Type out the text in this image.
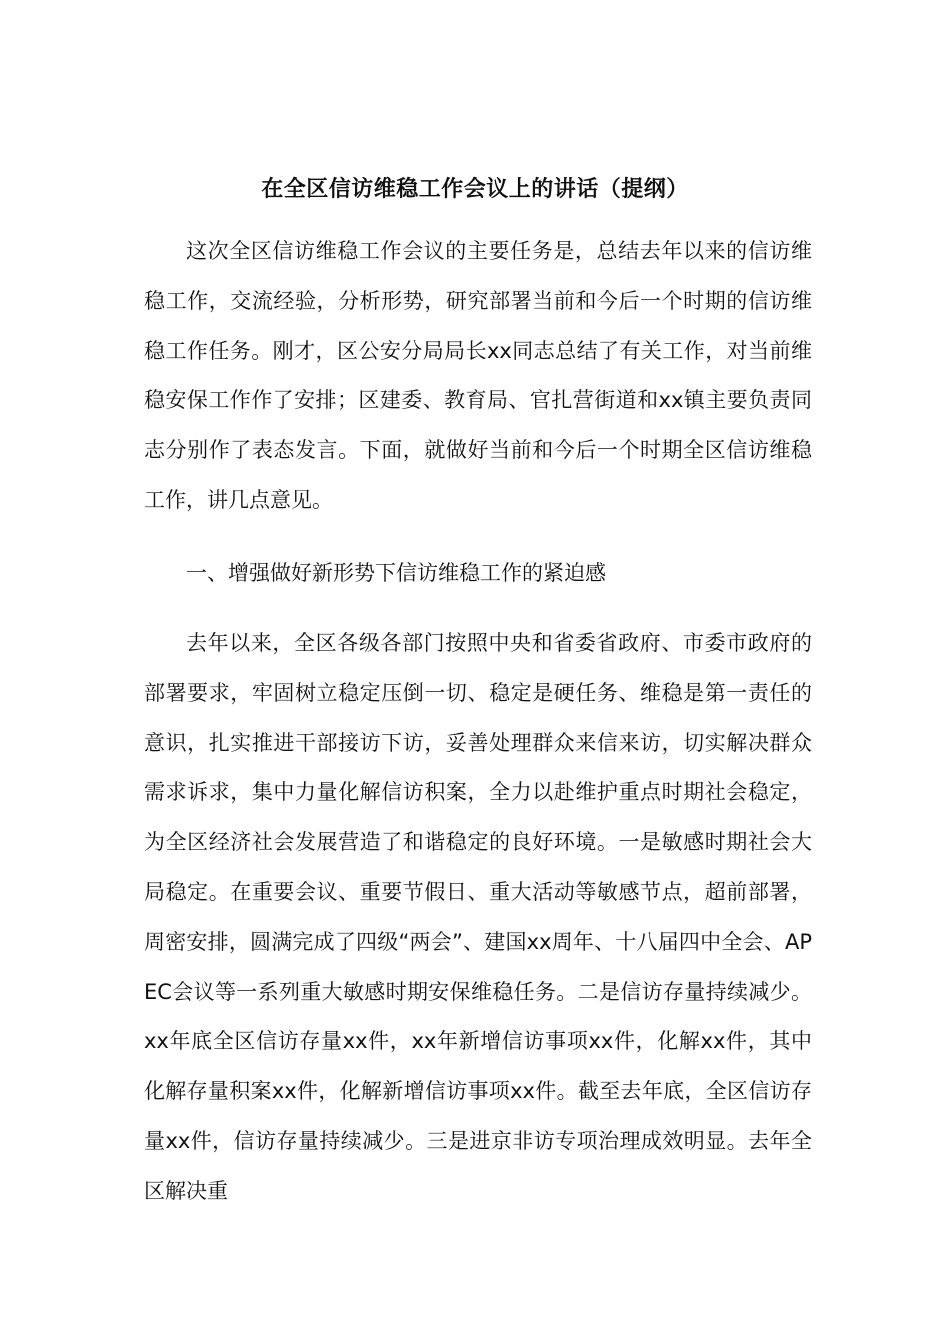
在全区信访维稳工作会议上的讲话（提纲）

这次全区信访维稳工作会议的主要任务是，总结去年以来的信访维稳工作，交流经验，分析形势，研究部署当前和今后一个时期的信访维稳工作任务。刚才，区公安分局局长xx同志总结了有关工作，对当前维稳安保工作作了安排；区建委、教育局、官扎营街道和xx镇主要负责同志分别作了表态发言。下面，就做好当前和今后一个时期全区信访维稳工作，讲几点意见。

一、增强做好新形势下信访维稳工作的紧迫感

去年以来，全区各级各部门按照中央和省委省政府、市委市政府的部署要求，牢固树立稳定压倒一切、稳定是硬任务、维稳是第一责任的意识，扎实推进干部接访下访，妥善处理群众来信来访，切实解决群众需求诉求，集中力量化解信访积案，全力以赴维护重点时期社会稳定，为全区经济社会发展营造了和谐稳定的良好环境。一是敏感时期社会大局稳定。在重要会议、重要节假日、重大活动等敏感节点，超前部署，周密安排，圆满完成了四级“两会”、建国xx周年、十八届四中全会、APEC会议等一系列重大敏感时期安保维稳任务。二是信访存量持续减少。xx年底全区信访存量xx件，xx年新增信访事项xx件，化解xx件，其中化解存量积案xx件，化解新增信访事项xx件。截至去年底，全区信访存量xx件，信访存量持续减少。三是进京非访专项治理成效明显。去年全区解决重
